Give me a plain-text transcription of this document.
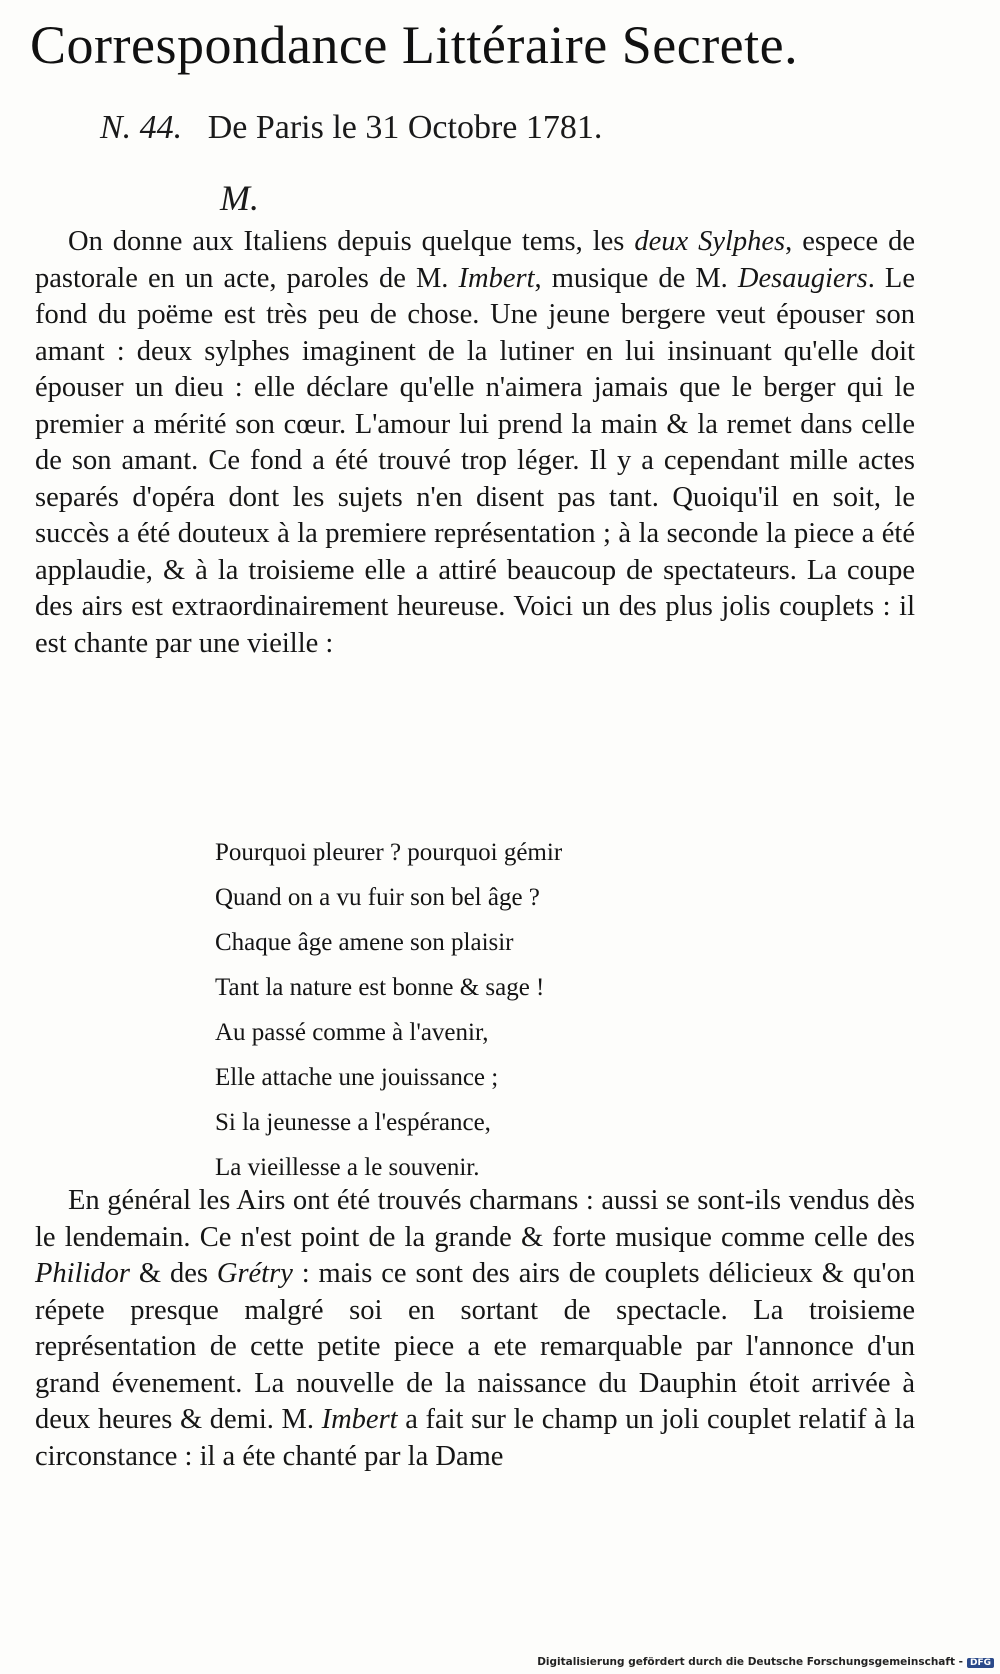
Correspondance Littéraire Secrete.
N. 44. De Paris le 31 Octobre 1781.
M.
On donne aux Italiens depuis quelque tems, les deux Sylphes, espece de pastorale en un acte, paroles de M. Imbert, musique de M. Desaugiers. Le fond du poëme est très peu de chose. Une jeune bergere veut épouser son amant : deux sylphes imaginent de la lutiner en lui insinuant qu'elle doit épouser un dieu : elle déclare qu'elle n'aimera jamais que le berger qui le premier a mérité son cœur. L'amour lui prend la main & la remet dans celle de son amant. Ce fond a été trouvé trop léger. Il y a cependant mille actes separés d'opéra dont les sujets n'en disent pas tant. Quoiqu'il en soit, le succès a été douteux à la premiere représentation ; à la seconde la piece a été applaudie, & à la troisieme elle a attiré beaucoup de spectateurs. La coupe des airs est extraordinairement heureuse. Voici un des plus jolis couplets : il est chante par une vieille :
Pourquoi pleurer ? pourquoi gémir
Quand on a vu fuir son bel âge ?
Chaque âge amene son plaisir
Tant la nature est bonne & sage !
Au passé comme à l'avenir,
Elle attache une jouissance ;
Si la jeunesse a l'espérance,
La vieillesse a le souvenir.
En général les Airs ont été trouvés charmans : aussi se sont-ils vendus dès le lendemain. Ce n'est point de la grande & forte musique comme celle des Philidor & des Grétry : mais ce sont des airs de couplets délicieux & qu'on répete presque malgré soi en sortant de spectacle. La troisieme représentation de cette petite piece a ete remarquable par l'annonce d'un grand évenement. La nouvelle de la naissance du Dauphin étoit arrivée à deux heures & demi. M. Imbert a fait sur le champ un joli couplet relatif à la circonstance : il a éte chanté par la Dame
Digitalisierung gefördert durch die Deutsche Forschungsgemeinschaft - DFG
